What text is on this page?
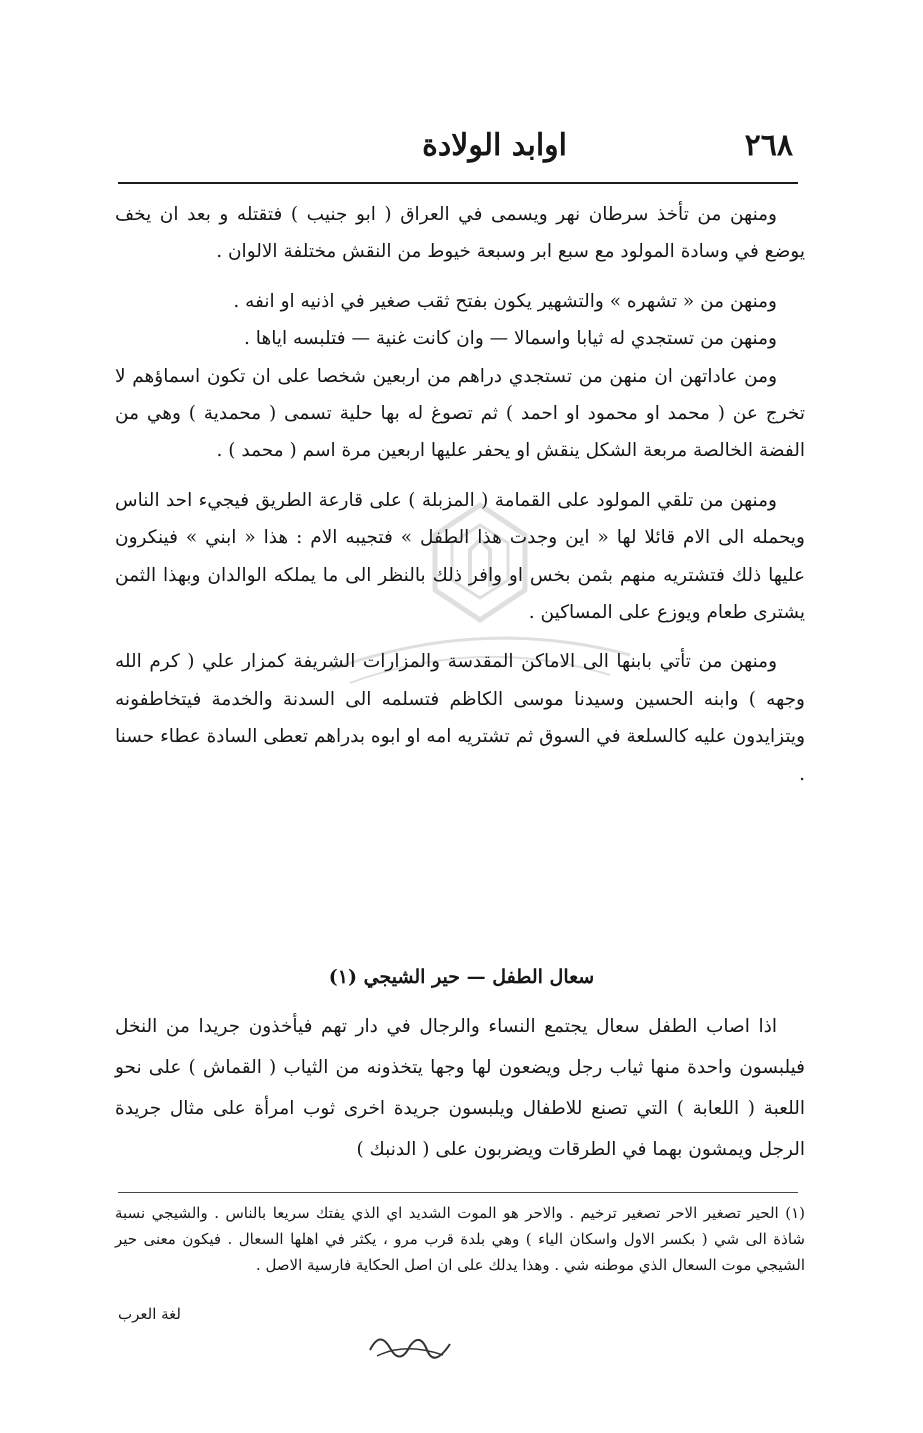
٢٦٨
اوابد الولادة

ومنهن من تأخذ سرطان نهر ويسمى في العراق ( ابو جنيب ) فتقتله و بعد ان يخف يوضع في وسادة المولود مع سبع ابر وسبعة خيوط من النقش مختلفة الالوان .

ومنهن من « تشهره » والتشهير يكون بفتح ثقب صغير في اذنيه او انفه .

ومنهن من تستجدي له ثيابا واسمالا — وان كانت غنية — فتلبسه اياها .

ومن عاداتهن ان منهن من تستجدي دراهم من اربعين شخصا على ان تكون اسماؤهم لا تخرج عن ( محمد او محمود او احمد ) ثم تصوغ له بها حلية تسمى ( محمدية ) وهي من الفضة الخالصة مربعة الشكل ينقش او يحفر عليها اربعين مرة اسم ( محمد ) .

ومنهن من تلقي المولود على القمامة ( المزبلة ) على قارعة الطريق فيجيء احد الناس ويحمله الى الام قائلا لها « اين وجدت هذا الطفل » فتجيبه الام : هذا « ابني » فينكرون عليها ذلك فتشتريه منهم بثمن بخس او وافر ذلك بالنظر الى ما يملكه الوالدان وبهذا الثمن يشترى طعام ويوزع على المساكين .

ومنهن من تأتي بابنها الى الاماكن المقدسة والمزارات الشريفة كمزار علي ( كرم الله وجهه ) وابنه الحسين وسيدنا موسى الكاظم فتسلمه الى السدنة والخدمة فيتخاطفونه ويتزايدون عليه كالسلعة في السوق ثم تشتريه امه او ابوه بدراهم تعطى السادة عطاء حسنا .

سعال الطفل — حير الشيجي (١)

اذا اصاب الطفل سعال يجتمع النساء والرجال في دار تهم فيأخذون جريدا من النخل فيلبسون واحدة منها ثياب رجل ويضعون لها وجها يتخذونه من الثياب ( القماش ) على نحو اللعبة ( اللعابة ) التي تصنع للاطفال ويلبسون جريدة اخرى ثوب امرأة على مثال جريدة الرجل ويمشون بهما في الطرقات ويضربون على ( الدنبك )

(١) الحير تصغير الاحر تصغير ترخيم . والاحر هو الموت الشديد اي الذي يفتك سريعا بالناس . والشيجي نسبة شاذة الى شي ( بكسر الاول واسكان الياء ) وهي بلدة قرب مرو ، يكثر في اهلها السعال . فيكون معنى حير الشيجي موت السعال الذي موطنه شي . وهذا يدلك على ان اصل الحكاية فارسية الاصل .

لغة العرب
